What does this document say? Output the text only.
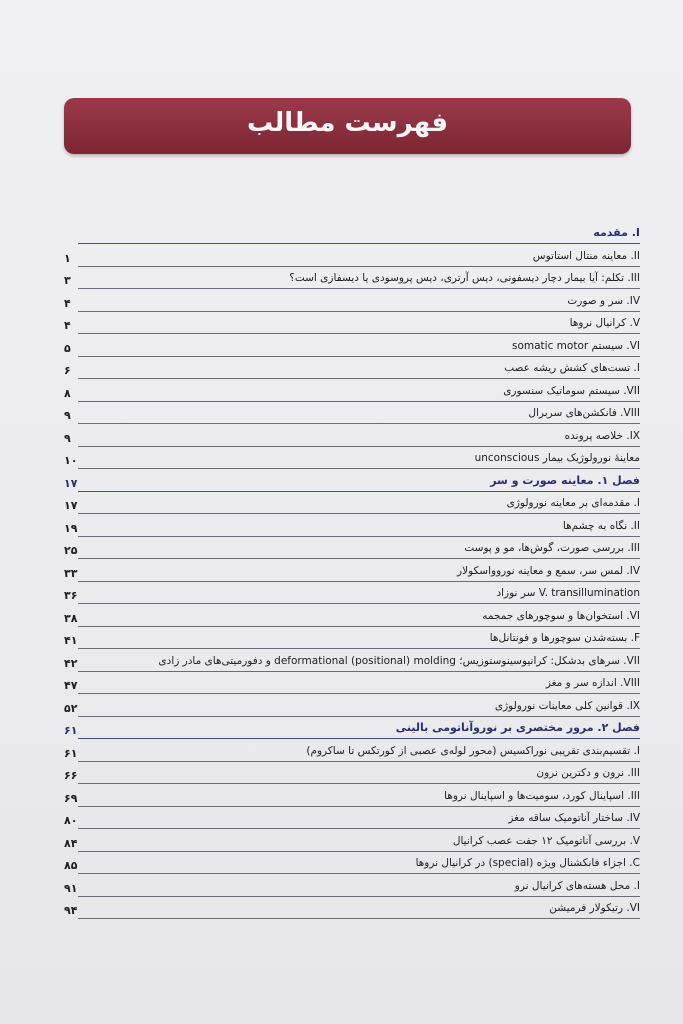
فهرست مطالب
I. مقدمه
II. معاینه منتال استاتوس
۱
III. تکلم: آیا بیمار دچار دیسفونی، دیس آرتری، دیس پروسودی یا دیسفازی است؟
۳
IV. سر و صورت
۴
V. کرانیال نروها
۴
VI. سیستم somatic motor
۵
I. تست‌های کشش ریشه عصب
۶
VII. سیستم سوماتیک سنسوری
۸
VIII. فانکشن‌های سربرال
۹
IX. خلاصه پرونده
۹
معاینهٔ نورولوژیک بیمار unconscious
۱۰
فصل ۱. معاینه صورت و سر
۱۷
I. مقدمه‌ای بر معاینه نورولوژی
۱۷
II. نگاه به چشم‌ها
۱۹
III. بررسی صورت، گوش‌ها، مو و پوست
۲۵
IV. لمس سر، سمع و معاینه نوروواسکولار
۳۳
V. transillumination سر نوزاد
۳۶
VI. استخوان‌ها و سوچورهای جمجمه
۳۸
F. بسته‌شدن سوچورها و فونتانل‌ها
۴۱
VII. سرهای بدشکل: کرانیوسینوستوزیس؛ deformational (positional) molding و دفورمیتی‌های مادر زادی
۴۲
VIII. اندازه سر و مغز
۴۷
IX. قوانین کلی معاینات نورولوژی
۵۲
فصل ۲. مرور مختصری بر نوروآناتومی بالینی
۶۱
I. تقسیم‌بندی تقریبی نوراکسیس (محور لوله‌ی عصبی از کورتکس تا ساکروم)
۶۱
III. نرون و دکترین نرون
۶۶
III. اسپاینال کورد، سومیت‌ها و اسپاینال نروها
۶۹
IV. ساختار آناتومیک ساقه مغز
۸۰
V. بررسی آناتومیک ۱۲ جفت عصب کرانیال
۸۴
C. اجزاء فانکشنال ویژه (special) در کرانیال نروها
۸۵
I. محل هسته‌های کرانیال نرو
۹۱
VI. رتیکولار فرمیشن
۹۴
